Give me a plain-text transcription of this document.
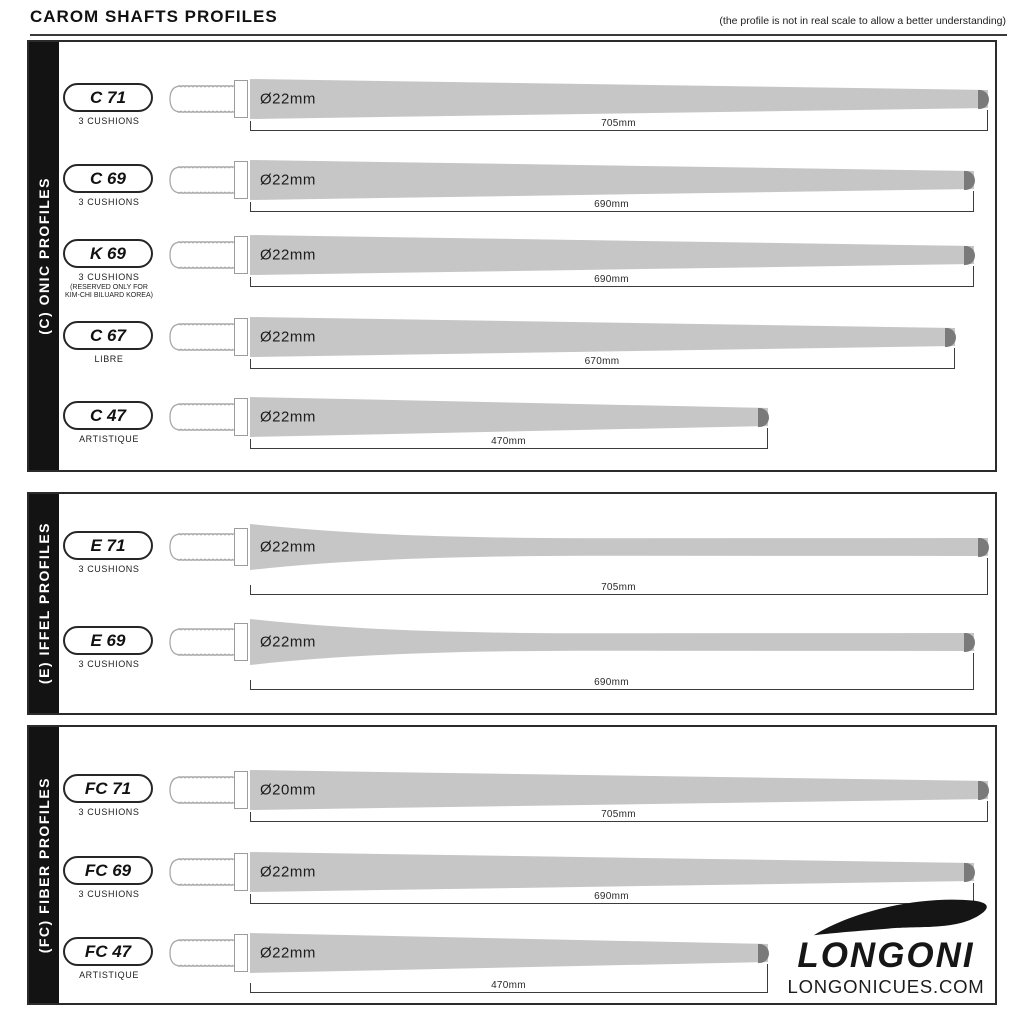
CAROM SHAFTS PROFILES	(the profile is not in real scale to allow a better understanding)
(C) ONIC PROFILES
C 71
3 CUSHIONS
Ø22mm
705mm
C 69
3 CUSHIONS
Ø22mm
690mm
K 69
3 CUSHIONS
(RESERVED ONLY FOR
KIM-CHI BILUARD KOREA)
Ø22mm
690mm
C 67
LIBRE
Ø22mm
670mm
C 47
ARTISTIQUE
Ø22mm
470mm
(E) IFFEL PROFILES E 71
3 CUSHIONS
Ø22mm
705mm
E 69
3 CUSHIONS
Ø22mm
690mm
(FC) FIBER PROFILES FC 71
3 CUSHIONS
Ø20mm
705mm
FC 69
3 CUSHIONS
Ø22mm
690mm
FC 47
ARTISTIQUE
Ø22mm
470mm
LONGONI
LONGONICUES.COM
